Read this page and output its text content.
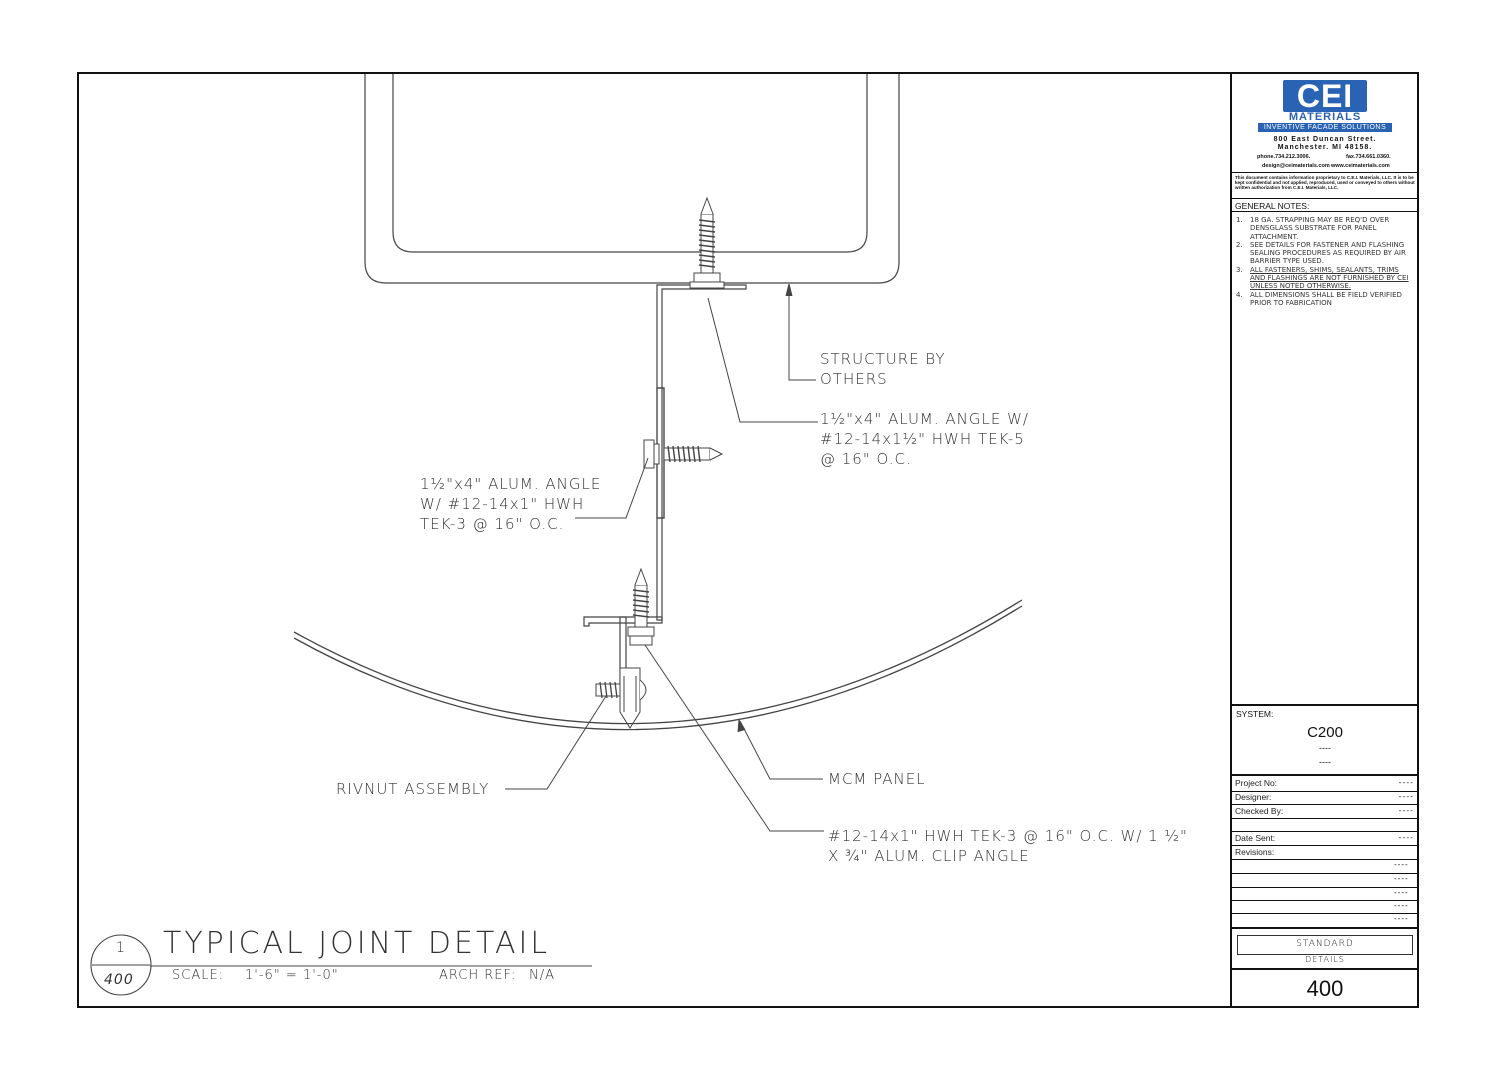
STRUCTURE BY
OTHERS
1½"x4" ALUM. ANGLE W/
#12-14x1½" HWH TEK-5
@ 16" O.C.
1½"x4" ALUM. ANGLE
W/ #12-14x1" HWH
TEK-3 @ 16" O.C.
RIVNUT ASSEMBLY
MCM PANEL
#12-14x1" HWH TEK-3 @ 16" O.C. W/ 1 ½"
X ¾" ALUM. CLIP ANGLE
1
400
TYPICAL JOINT DETAIL
SCALE: 1'-6" = 1'-0"	ARCH REF: N/A
CEI
MATERIALS
INVENTIVE FACADE SOLUTIONS
800 East Duncan Street.
Manchester. MI 48158.
phone.734.212.3006.	fax.734.661.0360.
design@ceimaterials.com www.ceimaterials.com
This document contains information proprietary to C.E.I. Materials, LLC. It is to be kept confidential and not applied, reproduced, used or conveyed to others without written authorization from C.E.I. Materials, LLC.
GENERAL NOTES:
1. 18 GA. STRAPPING MAY BE REQ'D OVER DENSGLASS SUBSTRATE FOR PANEL ATTACHMENT.
2. SEE DETAILS FOR FASTENER AND FLASHING SEALING PROCEDURES AS REQUIRED BY AIR BARRIER TYPE USED.
3. ALL FASTENERS, SHIMS, SEALANTS, TRIMS AND FLASHINGS ARE NOT FURNISHED BY CEI UNLESS NOTED OTHERWISE.
4. ALL DIMENSIONS SHALL BE FIELD VERIFIED PRIOR TO FABRICATION
SYSTEM:
C200
----
----
Project No:	----
Designer:	----
Checked By:	----
Date Sent:	----
Revisions:
----
----
----
----
----
STANDARD
DETAILS
400
